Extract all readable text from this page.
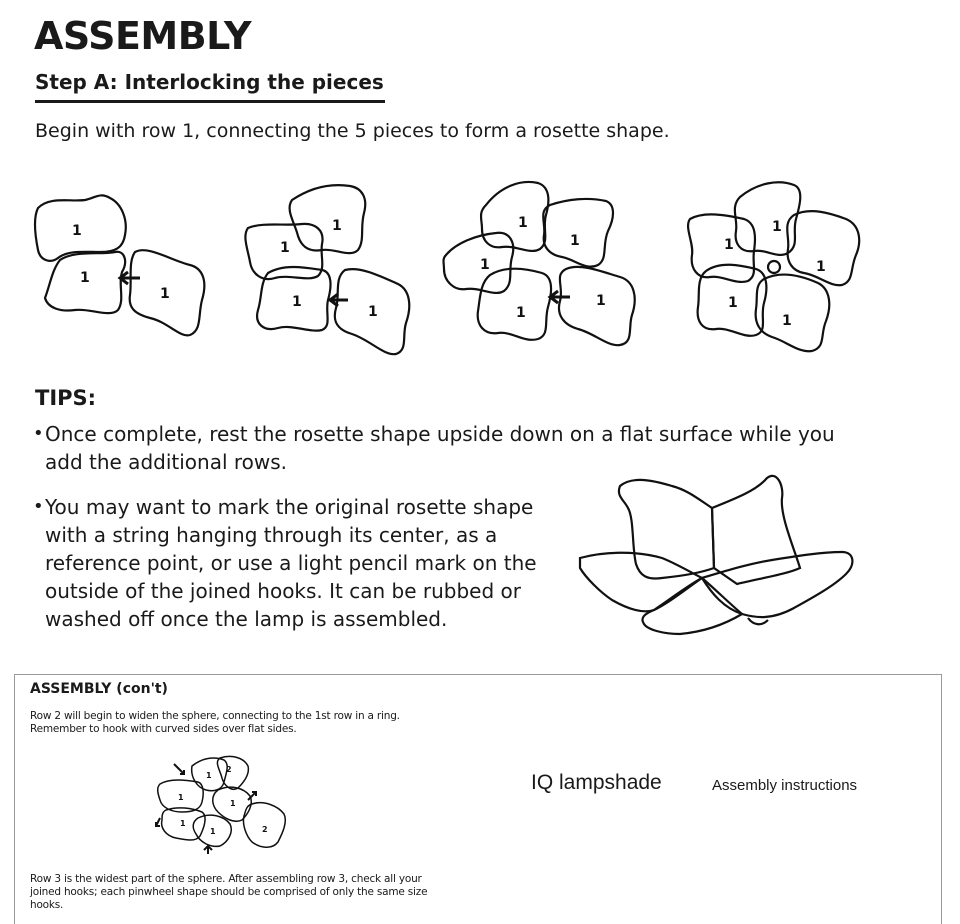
ASSEMBLY
Step A: Interlocking the pieces
Begin with row 1, connecting the 5 pieces to form a rosette shape.
1
1
1
1
1
1
1
1
1
1
1
1
1
1
1
1
1
TIPS:
• Once complete, rest the rosette shape upside down on a flat surface while you add the additional rows.
• You may want to mark the original rosette shape with a string hanging through its center, as a reference point, or use a light pencil mark on the outside of the joined hooks. It can be rubbed or washed off once the lamp is assembled.
ASSEMBLY (con't)
Row 2 will begin to widen the sphere, connecting to the 1st row in a ring. Remember to hook with curved sides over flat sides.
1
2
1
1
1
1	2
Row 3 is the widest part of the sphere. After assembling row 3, check all your joined hooks; each pinwheel shape should be comprised of only the same size hooks.
IQ lampshade	Assembly instructions
